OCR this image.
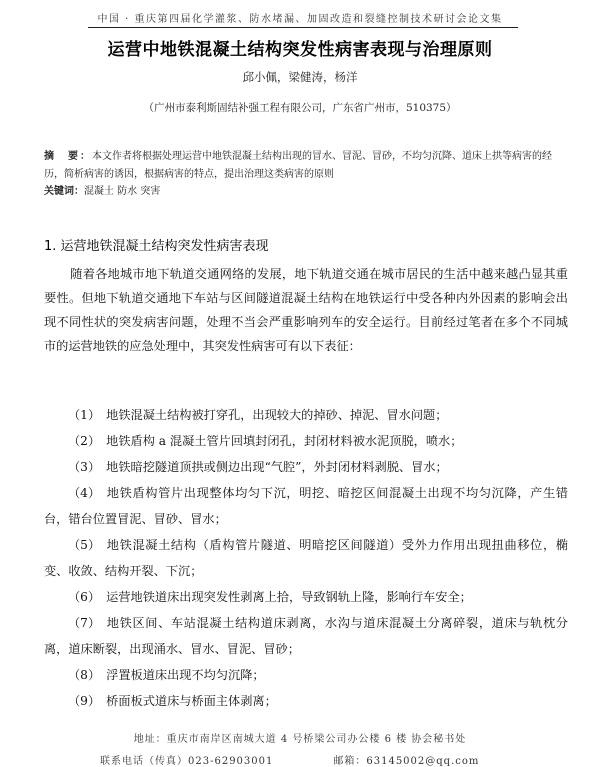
中国 · 重庆第四届化学灌浆、防水堵漏、加固改造和裂缝控制技术研讨会论文集
运营中地铁混凝土结构突发性病害表现与治理原则
邱小佩，梁健涛，杨洋
（广州市泰利斯固结补强工程有限公司，广东省广州市，510375）
摘　要：本文作者将根据处理运营中地铁混凝土结构出现的冒水、冒泥、冒砂，不均匀沉降、道床上拱等病害的经历，简析病害的诱因，根据病害的特点，提出治理这类病害的原则
关键词：混凝土 防水 突害
1. 运营地铁混凝土结构突发性病害表现
随着各地城市地下轨道交通网络的发展，地下轨道交通在城市居民的生活中越来越凸显其重要性。但地下轨道交通地下车站与区间隧道混凝土结构在地铁运行中受各种内外因素的影响会出现不同性状的突发病害问题，处理不当会严重影响列车的安全运行。目前经过笔者在多个不同城市的运营地铁的应急处理中，其突发性病害可有以下表征：
（1） 地铁混凝土结构被打穿孔，出现较大的掉砂、掉泥、冒水问题；
（2） 地铁盾构 a 混凝土管片回填封闭孔，封闭材料被水泥顶脱，喷水；
（3） 地铁暗挖隧道顶拱或侧边出现“气腔”，外封闭材料剥脱、冒水；
（4） 地铁盾构管片出现整体均匀下沉，明挖、暗挖区间混凝土出现不均匀沉降，产生错台，错台位置冒泥、冒砂、冒水；
（5） 地铁混凝土结构（盾构管片隧道、明暗挖区间隧道）受外力作用出现扭曲移位，椭变、收敛、结构开裂、下沉；
（6） 运营地铁道床出现突发性剥离上拾，导致钢轨上隆，影响行车安全；
（7） 地铁区间、车站混凝土结构道床剥离，水沟与道床混凝土分离碎裂，道床与轨枕分离，道床断裂，出现涌水、冒水、冒泥、冒砂；
（8） 浮置板道床出现不均匀沉降；
（9） 桥面板式道床与桥面主体剥离；
地址：重庆市南岸区南城大道 4 号桥梁公司办公楼 6 楼 协会秘书处
联系电话（传真）023-62903001	邮箱：63145002@qq.com
